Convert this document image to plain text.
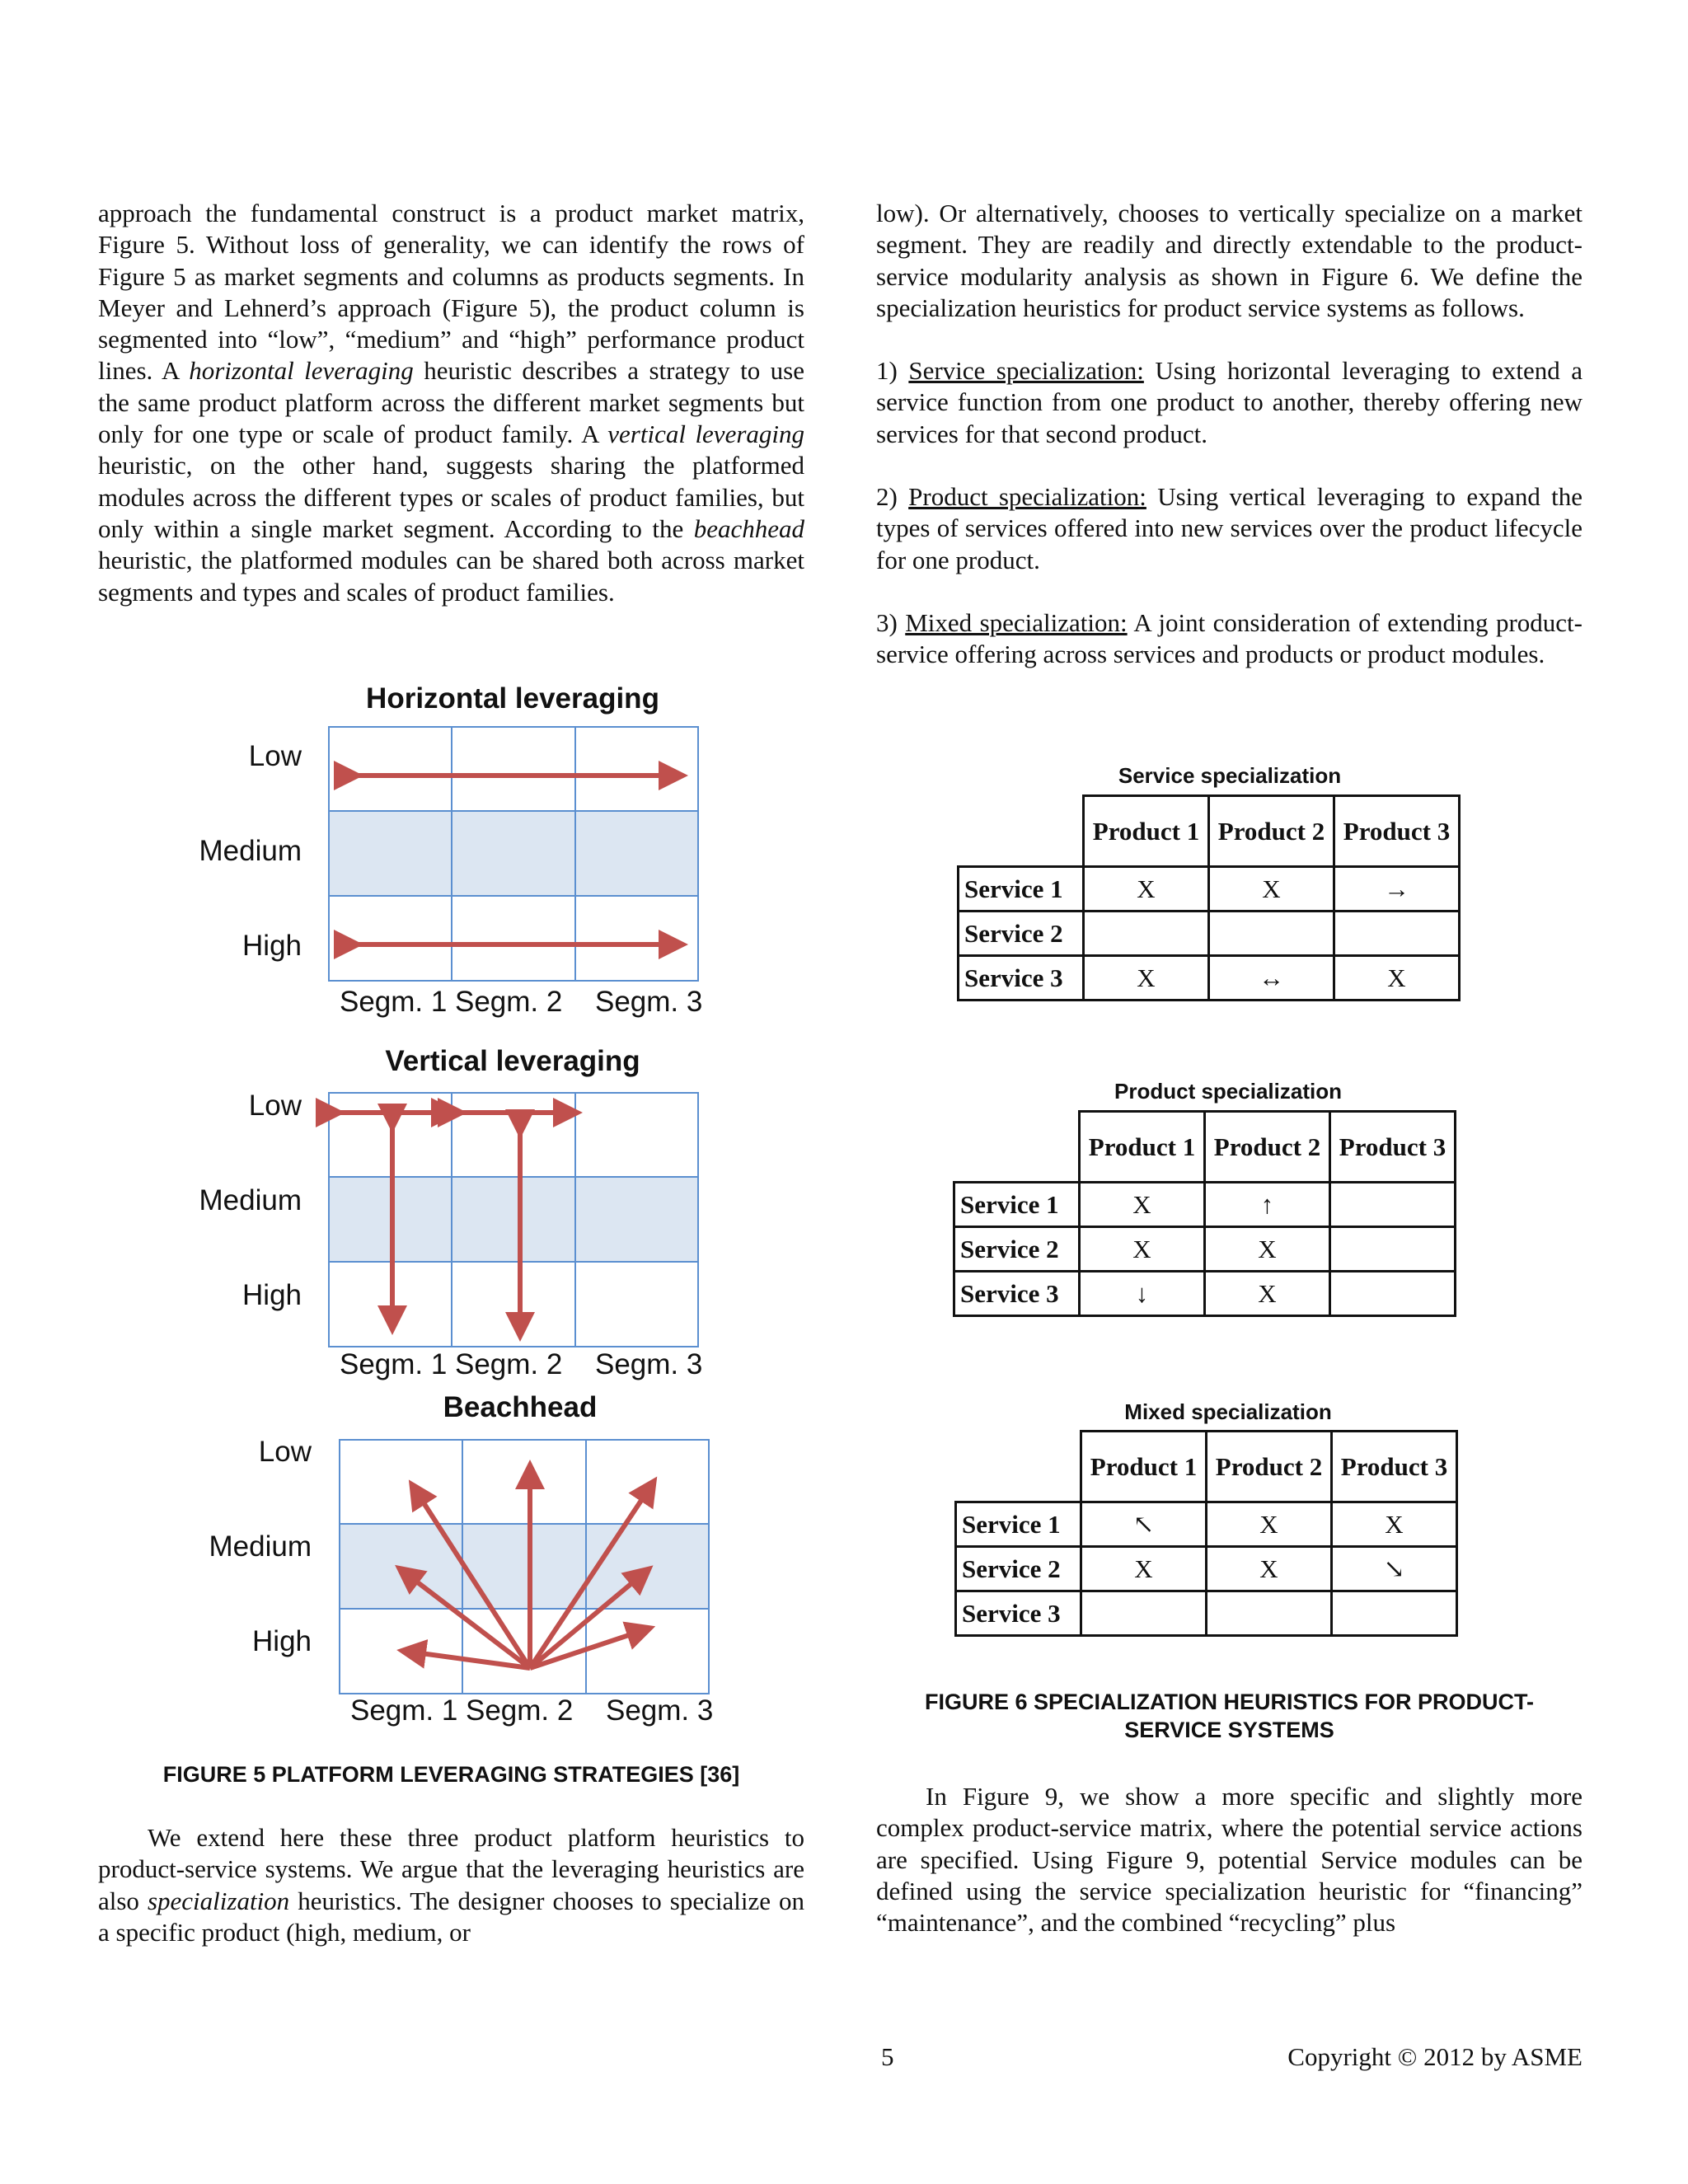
approach the fundamental construct is a product market matrix, Figure 5. Without loss of generality, we can identify the rows of Figure 5 as market segments and columns as products segments. In Meyer and Lehnerd’s approach (Figure 5), the product column is segmented into “low”, “medium” and “high” performance product lines. A horizontal leveraging heuristic describes a strategy to use the same product platform across the different market segments but only for one type or scale of product family. A vertical leveraging heuristic, on the other hand, suggests sharing the platformed modules across the different types or scales of product families, but only within a single market segment. According to the beachhead heuristic, the platformed modules can be shared both across market segments and types and scales of product families.

Horizontal leveraging
Low
Medium
High
Segm. 1 Segm. 2 Segm. 3
Vertical leveraging
Low
Medium
High
Segm. 1 Segm. 2 Segm. 3
Beachhead
Low
Medium
High
Segm. 1 Segm. 2 Segm. 3
FIGURE 5 PLATFORM LEVERAGING STRATEGIES [36]

We extend here these three product platform heuristics to product-service systems. We argue that the leveraging heuristics are also specialization heuristics. The designer chooses to specialize on a specific product (high, medium, or

low). Or alternatively, chooses to vertically specialize on a market segment. They are readily and directly extendable to the product-service modularity analysis as shown in Figure 6. We define the specialization heuristics for product service systems as follows.

1) Service specialization: Using horizontal leveraging to extend a service function from one product to another, thereby offering new services for that second product.

2) Product specialization: Using vertical leveraging to expand the types of services offered into new services over the product lifecycle for one product.

3) Mixed specialization: A joint consideration of extending product-service offering across services and products or product modules.

Service specialization
	Product 1	Product 2	Product 3
Service 1	X	X	→
Service 2			
Service 3	X	↔	X
Product specialization
	Product 1	Product 2	Product 3
Service 1	X	↑	
Service 2	X	X	
Service 3	↓	X	
Mixed specialization
	Product 1	Product 2	Product 3
Service 1	↖	X	X
Service 2	X	X	↘
Service 3			
FIGURE 6 SPECIALIZATION HEURISTICS FOR PRODUCT-
SERVICE SYSTEMS

In Figure 9, we show a more specific and slightly more complex product-service matrix, where the potential service actions are specified. Using Figure 9, potential Service modules can be defined using the service specialization heuristic for “financing” “maintenance”, and the combined “recycling” plus

5	Copyright © 2012 by ASME
